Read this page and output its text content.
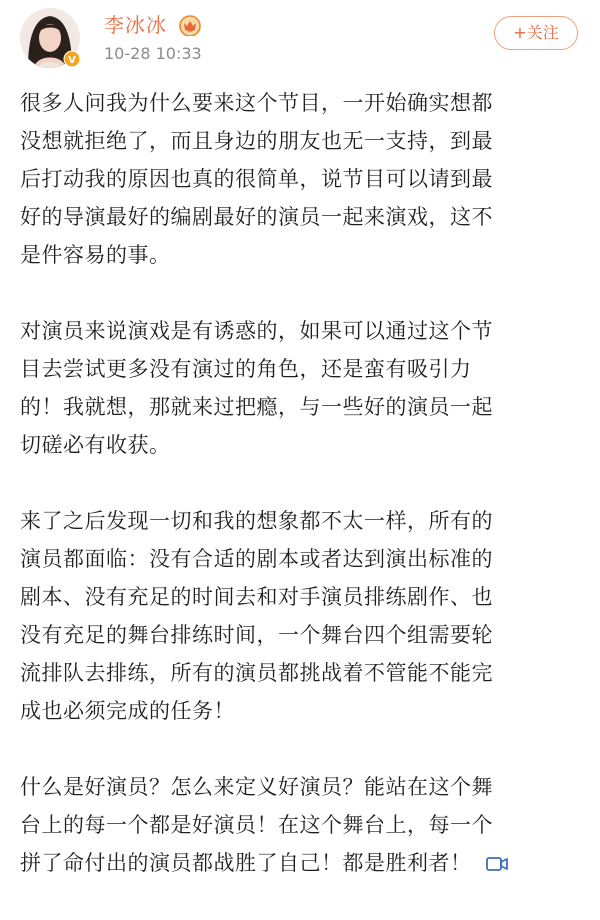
V
李冰冰
10-28 10:33
+关注

很多人问我为什么要来这个节目，一开始确实想都
没想就拒绝了，而且身边的朋友也无一支持，到最
后打动我的原因也真的很简单，说节目可以请到最
好的导演最好的编剧最好的演员一起来演戏，这不
是件容易的事。

对演员来说演戏是有诱惑的，如果可以通过这个节
目去尝试更多没有演过的角色，还是蛮有吸引力
的！我就想，那就来过把瘾，与一些好的演员一起
切磋必有收获。

来了之后发现一切和我的想象都不太一样，所有的
演员都面临：没有合适的剧本或者达到演出标准的
剧本、没有充足的时间去和对手演员排练剧作、也
没有充足的舞台排练时间，一个舞台四个组需要轮
流排队去排练，所有的演员都挑战着不管能不能完
成也必须完成的任务！

什么是好演员？怎么来定义好演员？能站在这个舞
台上的每一个都是好演员！在这个舞台上，每一个
拼了命付出的演员都战胜了自己！都是胜利者！
